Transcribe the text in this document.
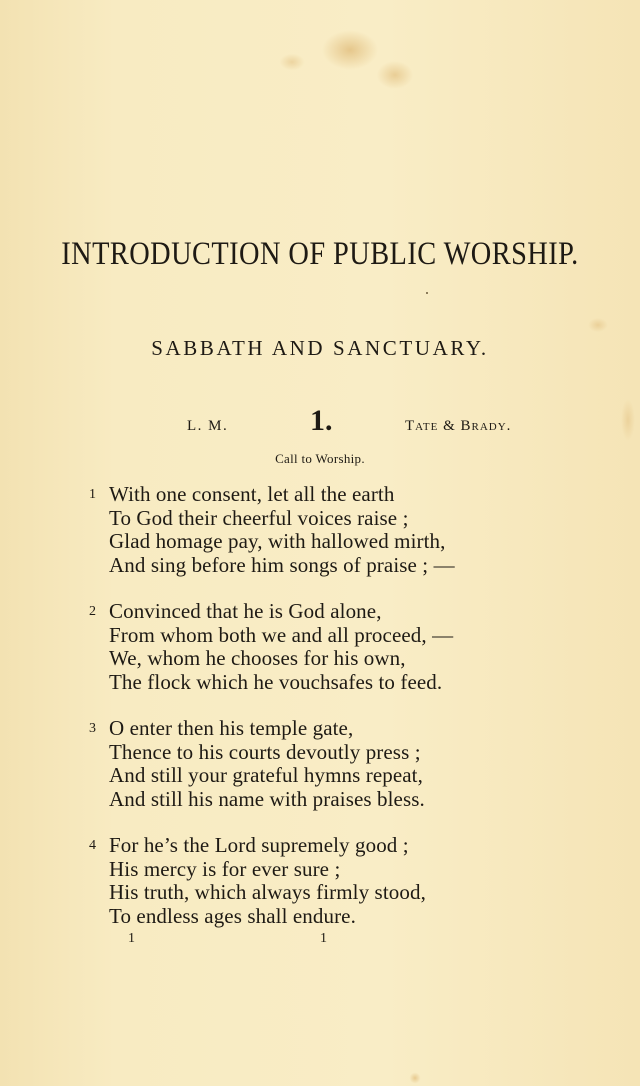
INTRODUCTION OF PUBLIC WORSHIP.
SABBATH AND SANCTUARY.
L. M.	1.	Tate & Brady.
Call to Worship.
1 With one consent, let all the earth
To God their cheerful voices raise ;
Glad homage pay, with hallowed mirth,
And sing before him songs of praise ; —
2 Convinced that he is God alone,
From whom both we and all proceed, —
We, whom he chooses for his own,
The flock which he vouchsafes to feed.
3 O enter then his temple gate,
Thence to his courts devoutly press ;
And still your grateful hymns repeat,
And still his name with praises bless.
4 For he’s the Lord supremely good ;
His mercy is for ever sure ;
His truth, which always firmly stood,
To endless ages shall endure.
1	1
